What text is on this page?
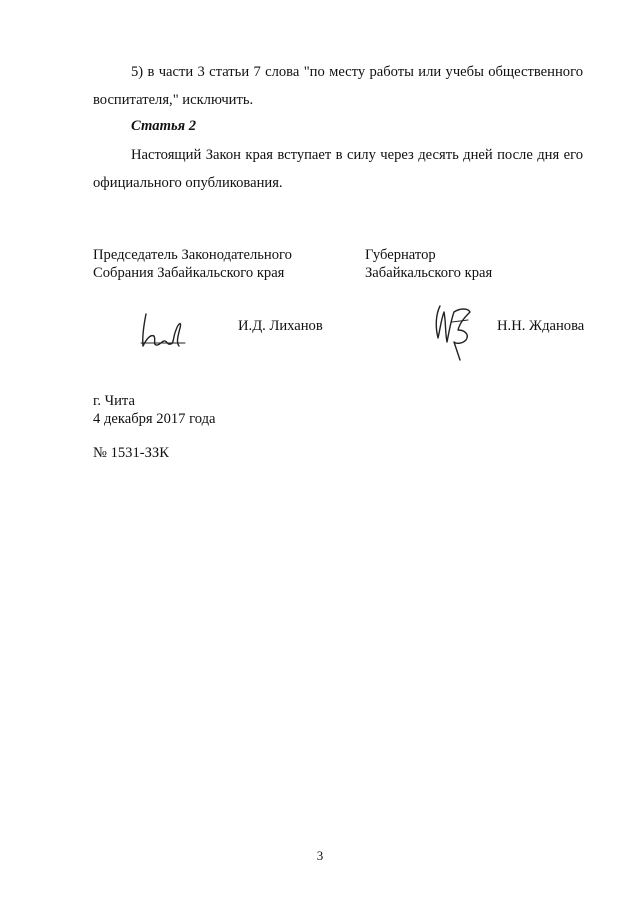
5) в части 3 статьи 7 слова "по месту работы или учебы общественного воспитателя," исключить.

Статья 2

Настоящий Закон края вступает в силу через десять дней после дня его официального опубликования.

Председатель Законодательного
Собрания Забайкальского края
Губернатор
Забайкальского края
И.Д. Лиханов	Н.Н. Жданова
г. Чита
4 декабря 2017 года
№ 1531-ЗЗК
3
